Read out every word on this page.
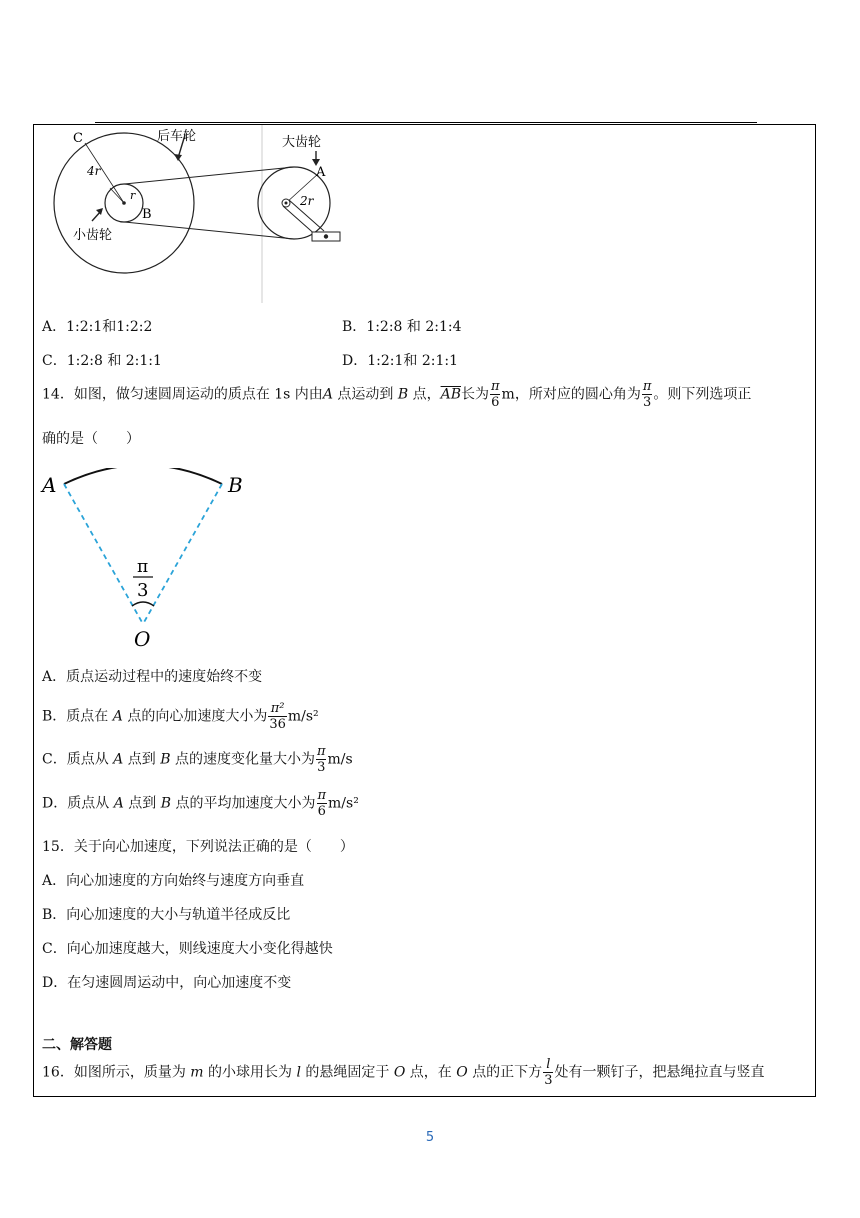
C	后车轮
4r
r
B
小齿轮
大齿轮
A
2r
A．1:2:1和1:2:2	B．1:2:8 和 2:1:4
C．1:2:8 和 2:1:1	D．1:2:1和 2:1:1
14．如图，做匀速圆周运动的质点在 1s 内由A 点运动到 B 点，$\overline{AB}$长为 $\frac{\pi}{6}$ m，所对应的圆心角为 $\frac{\pi}{3}$ 。则下列选项正
确的是（　　）
A	B
π
3
O
A．质点运动过程中的速度始终不变
B．质点在 A 点的向心加速度大小为 $\frac{\text{π²}}{36} m/s^2$
C．质点从 A 点到 B 点的速度变化量大小为 $\frac{\pi}{3} m/s$
D．质点从 A 点到 B 点的平均加速度大小为 $\frac{\pi}{6} m/s^2$
15．关于向心加速度，下列说法正确的是（　　）
A．向心加速度的方向始终与速度方向垂直
B．向心加速度的大小与轨道半径成反比
C．向心加速度越大，则线速度大小变化得越快
D．在匀速圆周运动中，向心加速度不变
二、解答题
16．如图所示，质量为 m 的小球用长为 l 的悬绳固定于 O 点，在 O 点的正下方 $\frac{l}{3}$ 处有一颗钉子，把悬绳拉直与竖直
5
